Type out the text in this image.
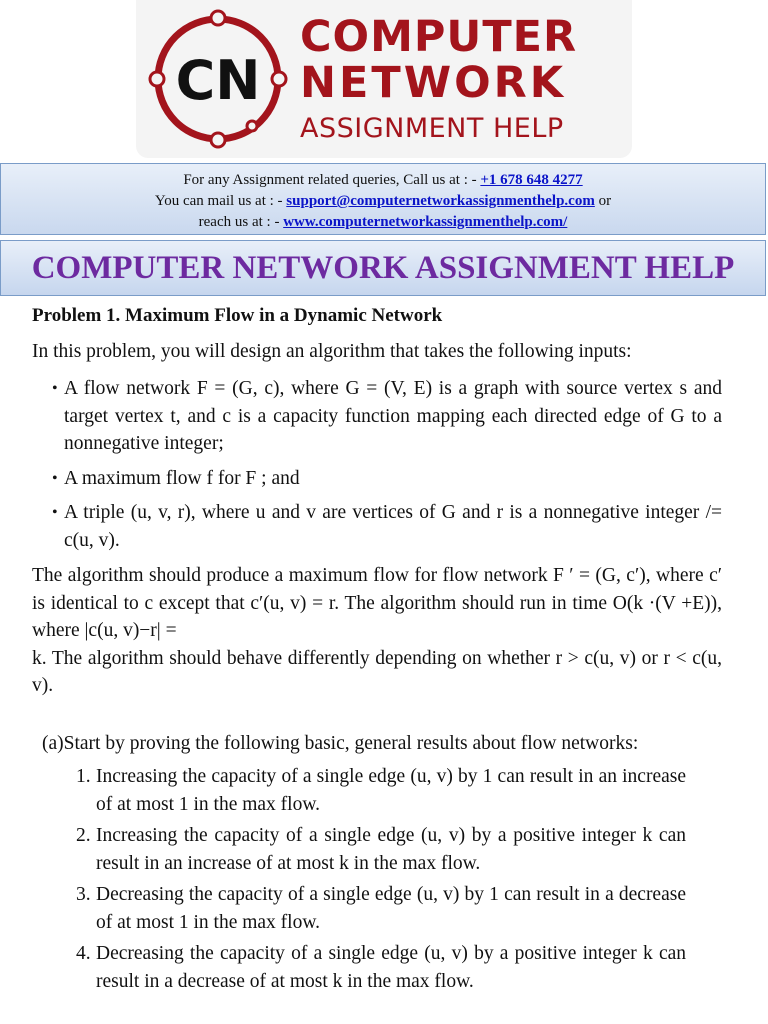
CN
COMPUTER
NETWORK
ASSIGNMENT HELP
For any Assignment related queries, Call us at : - +1 678 648 4277
You can mail us at : - support@computernetworkassignmenthelp.com or
reach us at : - www.computernetworkassignmenthelp.com/
COMPUTER NETWORK ASSIGNMENT HELP

Problem 1. Maximum Flow in a Dynamic Network

In this problem, you will design an algorithm that takes the following inputs:

• A flow network F = (G, c), where G = (V, E) is a graph with source vertex s and target vertex t, and c is a capacity function mapping each directed edge of G to a nonnegative integer;
• A maximum flow f for F ; and
• A triple (u, v, r), where u and v are vertices of G and r is a nonnegative integer /= c(u, v).

The algorithm should produce a maximum flow for flow network F ′ = (G, c′), where c′ is identical to c except that c′(u, v) = r. The algorithm should run in time O(k ·(V +E)), where |c(u, v)−r| =
k. The algorithm should behave differently depending on whether r > c(u, v) or r < c(u, v).

(a)Start by proving the following basic, general results about flow networks:

1. Increasing the capacity of a single edge (u, v) by 1 can result in an increase of at most 1 in the max flow.
2. Increasing the capacity of a single edge (u, v) by a positive integer k can result in an increase of at most k in the max flow.
3. Decreasing the capacity of a single edge (u, v) by 1 can result in a decrease of at most 1 in the max flow.
4. Decreasing the capacity of a single edge (u, v) by a positive integer k can result in a decrease of at most k in the max flow.
